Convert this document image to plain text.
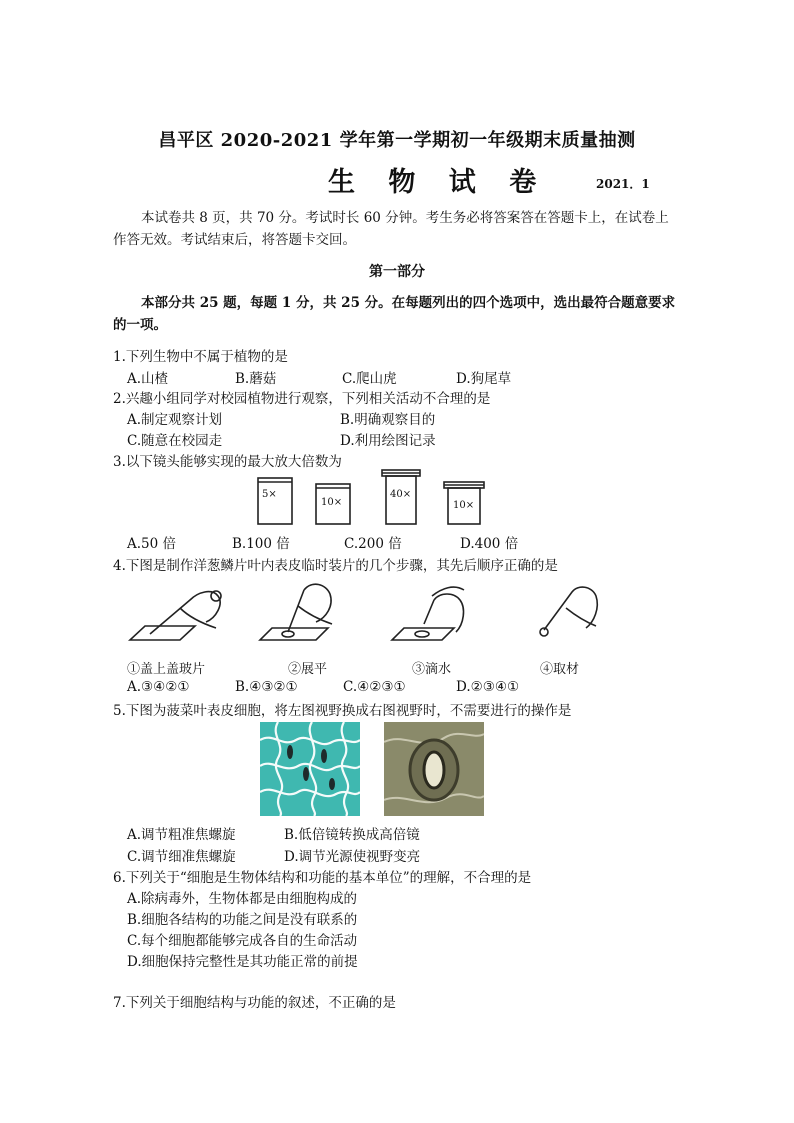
昌平区 2020-2021 学年第一学期初一年级期末质量抽测
生 物 试 卷	2021．1
本试卷共 8 页，共 70 分。考试时长 60 分钟。考生务必将答案答在答题卡上，在试卷上
作答无效。考试结束后，将答题卡交回。
第一部分
本部分共 25 题，每题 1 分，共 25 分。在每题列出的四个选项中，选出最符合题意要求
的一项。
1.下列生物中不属于植物的是
A.山楂	B.蘑菇	C.爬山虎	D.狗尾草
2.兴趣小组同学对校园植物进行观察，下列相关活动不合理的是
A.制定观察计划	B.明确观察目的
C.随意在校园走	D.利用绘图记录
3.以下镜头能够实现的最大放大倍数为
5×
10×
40×
10×
A.50 倍	B.100 倍	C.200 倍	D.400 倍
4.下图是制作洋葱鳞片叶内表皮临时装片的几个步骤，其先后顺序正确的是
①盖上盖玻片	②展平	③滴水	④取材
A.③④②①	B.④③②①	C.④②③①	D.②③④①
5.下图为菠菜叶表皮细胞，将左图视野换成右图视野时，不需要进行的操作是
A.调节粗准焦螺旋	B.低倍镜转换成高倍镜
C.调节细准焦螺旋	D.调节光源使视野变亮
6.下列关于“细胞是生物体结构和功能的基本单位”的理解，不合理的是
A.除病毒外，生物体都是由细胞构成的
B.细胞各结构的功能之间是没有联系的
C.每个细胞都能够完成各自的生命活动
D.细胞保持完整性是其功能正常的前提
7.下列关于细胞结构与功能的叙述，不正确的是
